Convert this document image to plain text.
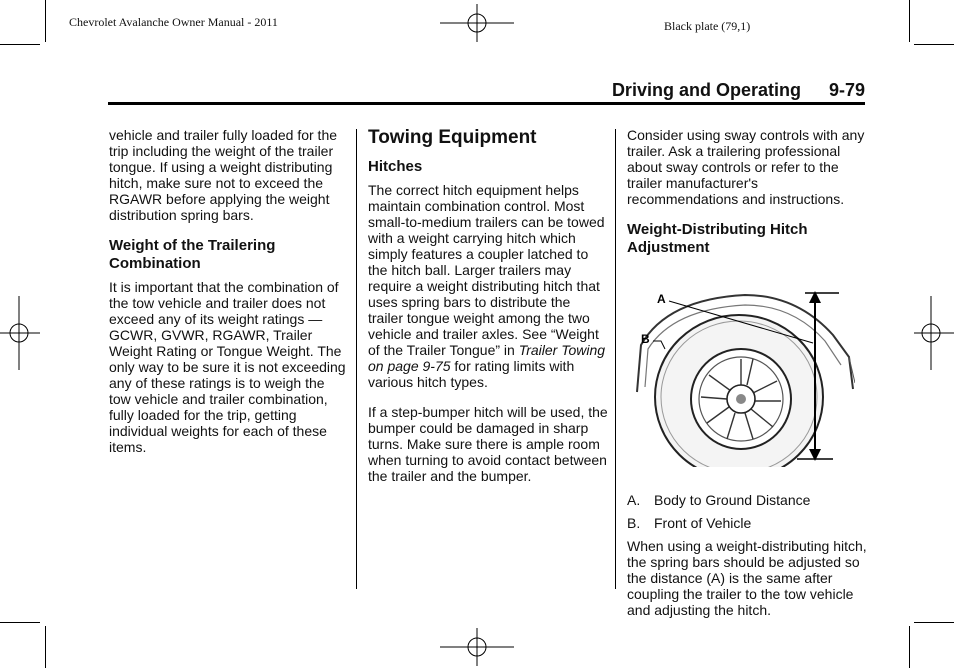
Chevrolet Avalanche Owner Manual - 2011	Black plate (79,1)
Driving and Operating 9-79

vehicle and trailer fully loaded for the trip including the weight of the trailer tongue. If using a weight distributing hitch, make sure not to exceed the RGAWR before applying the weight distribution spring bars.

Weight of the Trailering Combination

It is important that the combination of the tow vehicle and trailer does not exceed any of its weight ratings — GCWR, GVWR, RGAWR, Trailer Weight Rating or Tongue Weight. The only way to be sure it is not exceeding any of these ratings is to weigh the tow vehicle and trailer combination, fully loaded for the trip, getting individual weights for each of these items.

Towing Equipment
Hitches

The correct hitch equipment helps maintain combination control. Most small-to-medium trailers can be towed with a weight carrying hitch which simply features a coupler latched to the hitch ball. Larger trailers may require a weight distributing hitch that uses spring bars to distribute the trailer tongue weight among the two vehicle and trailer axles. See “Weight of the Trailer Tongue” in Trailer Towing on page 9-75 for rating limits with various hitch types.

If a step-bumper hitch will be used, the bumper could be damaged in sharp turns. Make sure there is ample room when turning to avoid contact between the trailer and the bumper.

Consider using sway controls with any trailer. Ask a trailering professional about sway controls or refer to the trailer manufacturer's recommendations and instructions.

Weight-Distributing Hitch Adjustment
A
B
A. Body to Ground Distance
B. Front of Vehicle

When using a weight-distributing hitch, the spring bars should be adjusted so the distance (A) is the same after coupling the trailer to the tow vehicle and adjusting the hitch.
